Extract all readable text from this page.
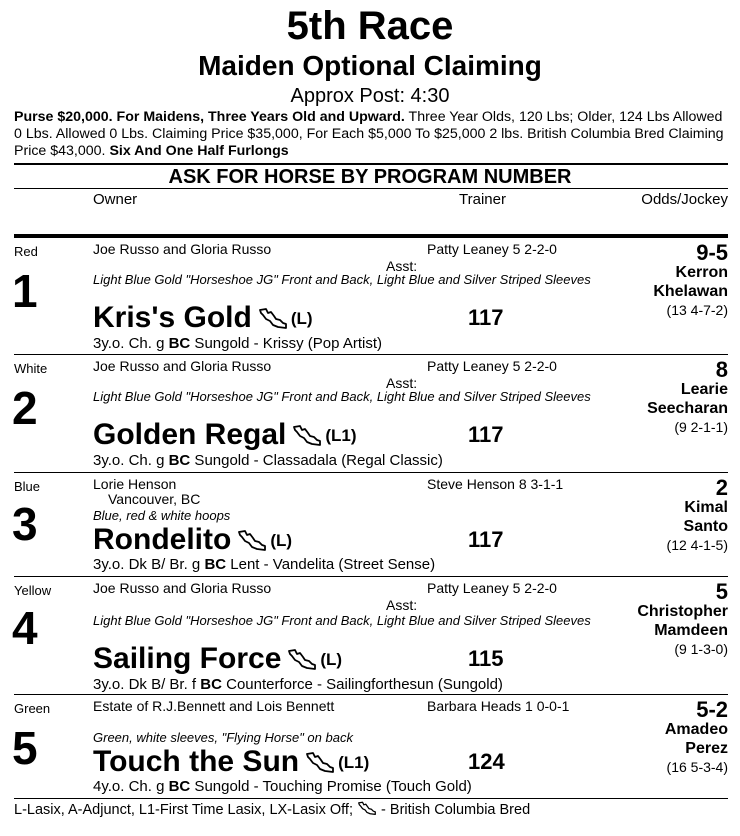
5th Race
Maiden Optional Claiming
Approx Post: 4:30
Purse $20,000. For Maidens, Three Years Old and Upward. Three Year Olds, 120 Lbs; Older, 124 Lbs Allowed 0 Lbs. Allowed 0 Lbs. Claiming Price $35,000, For Each $5,000 To $25,000 2 lbs. British Columbia Bred Claiming Price $43,000. Six And One Half Furlongs
ASK FOR HORSE BY PROGRAM NUMBER
Owner	Trainer	Odds/Jockey
Red
1
Joe Russo and Gloria Russo	Patty Leaney 5 2-2-0
Asst:
Light Blue Gold "Horseshoe JG" Front and Back, Light Blue and Silver Striped Sleeves
Kris's Gold (L)	117
3y.o. Ch. g BC Sungold - Krissy (Pop Artist)
9-5
Kerron
Khelawan
(13 4-7-2)
White
2
Joe Russo and Gloria Russo	Patty Leaney 5 2-2-0
Asst:
Light Blue Gold "Horseshoe JG" Front and Back, Light Blue and Silver Striped Sleeves
Golden Regal (L1)	117
3y.o. Ch. g BC Sungold - Classadala (Regal Classic)
8
Learie
Seecharan
(9 2-1-1)
Blue
3
Lorie Henson
Vancouver, BC
Steve Henson 8 3-1-1
Blue, red & white hoops
Rondelito (L)	117
3y.o. Dk B/ Br. g BC Lent - Vandelita (Street Sense)
2
Kimal
Santo
(12 4-1-5)
Yellow
4
Joe Russo and Gloria Russo	Patty Leaney 5 2-2-0
Asst:
Light Blue Gold "Horseshoe JG" Front and Back, Light Blue and Silver Striped Sleeves
Sailing Force (L)	115
3y.o. Dk B/ Br. f BC Counterforce - Sailingforthesun (Sungold)
5
Christopher
Mamdeen
(9 1-3-0)
Green
5
Estate of R.J.Bennett and Lois Bennett	Barbara Heads 1 0-0-1
Green, white sleeves, "Flying Horse" on back
Touch the Sun (L1)	124
4y.o. Ch. g BC Sungold - Touching Promise (Touch Gold)
5-2
Amadeo
Perez
(16 5-3-4)
L-Lasix, A-Adjunct, L1-First Time Lasix, LX-Lasix Off;  - British Columbia Bred
